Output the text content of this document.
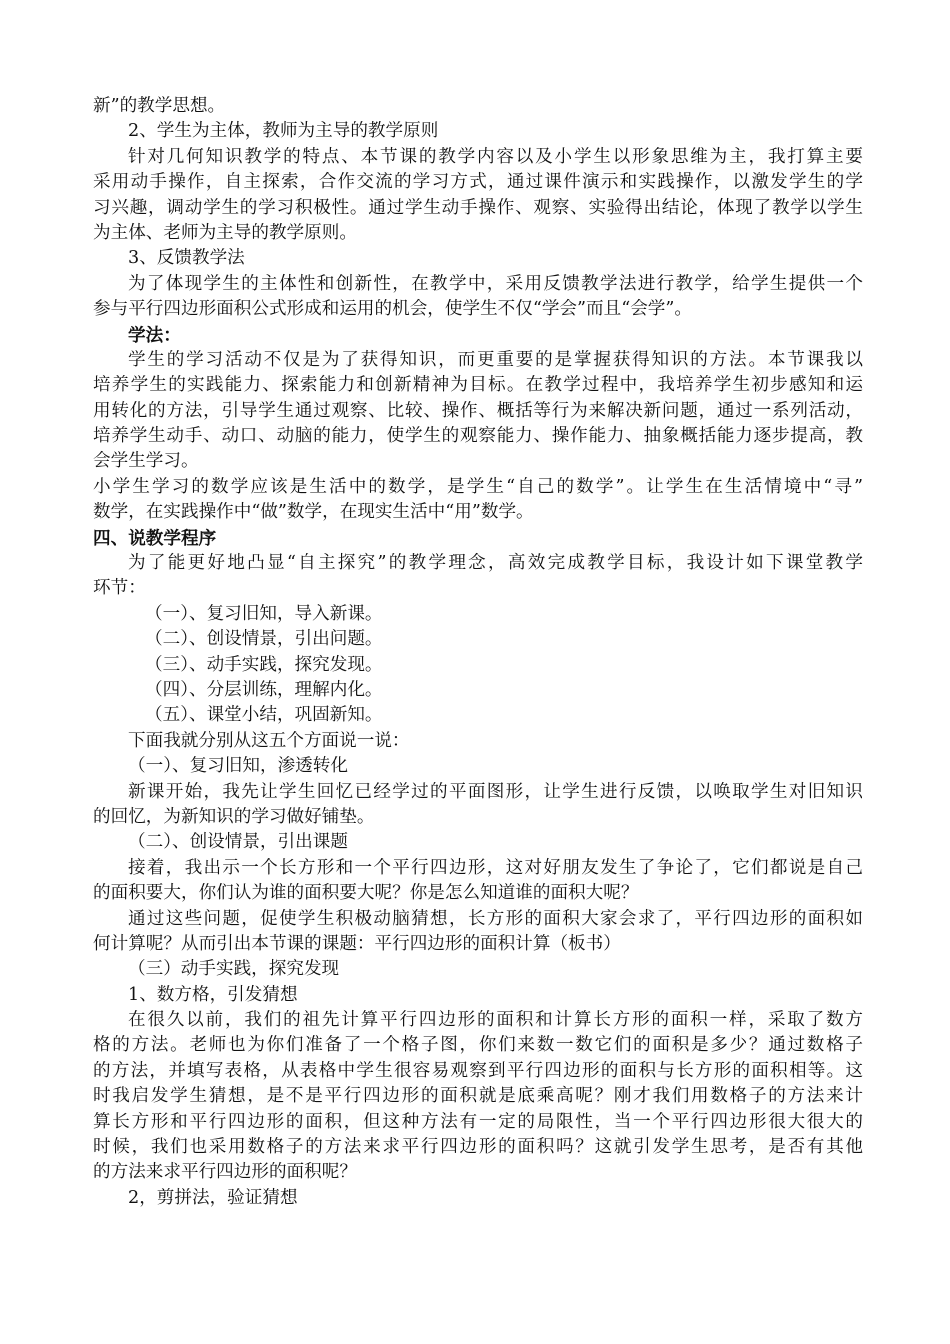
新”的教学思想。
2、学生为主体，教师为主导的教学原则
针对几何知识教学的特点、本节课的教学内容以及小学生以形象思维为主，我打算主要
采用动手操作，自主探索，合作交流的学习方式，通过课件演示和实践操作，以激发学生的学
习兴趣，调动学生的学习积极性。通过学生动手操作、观察、实验得出结论，体现了教学以学生
为主体、老师为主导的教学原则。
3、反馈教学法
为了体现学生的主体性和创新性，在教学中，采用反馈教学法进行教学，给学生提供一个
参与平行四边形面积公式形成和运用的机会，使学生不仅“学会”而且“会学”。
学法：
学生的学习活动不仅是为了获得知识，而更重要的是掌握获得知识的方法。本节课我以
培养学生的实践能力、探索能力和创新精神为目标。在教学过程中，我培养学生初步感知和运
用转化的方法，引导学生通过观察、比较、操作、概括等行为来解决新问题，通过一系列活动，
培养学生动手、动口、动脑的能力，使学生的观察能力、操作能力、抽象概括能力逐步提高，教
会学生学习。
小学生学习的数学应该是生活中的数学，是学生“自己的数学”。让学生在生活情境中“寻”
数学，在实践操作中“做”数学，在现实生活中“用”数学。
四、说教学程序
为了能更好地凸显“自主探究”的教学理念，高效完成教学目标，我设计如下课堂教学
环节：
（一）、复习旧知，导入新课。
（二）、创设情景，引出问题。
（三）、动手实践，探究发现。
（四）、分层训练，理解内化。
（五）、课堂小结，巩固新知。
下面我就分别从这五个方面说一说：
（一）、复习旧知，渗透转化
新课开始，我先让学生回忆已经学过的平面图形，让学生进行反馈，以唤取学生对旧知识
的回忆，为新知识的学习做好铺垫。
（二）、创设情景，引出课题
接着，我出示一个长方形和一个平行四边形，这对好朋友发生了争论了，它们都说是自己
的面积要大，你们认为谁的面积要大呢？你是怎么知道谁的面积大呢？
通过这些问题，促使学生积极动脑猜想，长方形的面积大家会求了，平行四边形的面积如
何计算呢？从而引出本节课的课题：平行四边形的面积计算（板书）
（三）动手实践，探究发现
1、数方格，引发猜想
在很久以前，我们的祖先计算平行四边形的面积和计算长方形的面积一样，采取了数方
格的方法。老师也为你们准备了一个格子图，你们来数一数它们的面积是多少？通过数格子
的方法，并填写表格，从表格中学生很容易观察到平行四边形的面积与长方形的面积相等。这
时我启发学生猜想，是不是平行四边形的面积就是底乘高呢？刚才我们用数格子的方法来计
算长方形和平行四边形的面积，但这种方法有一定的局限性，当一个平行四边形很大很大的
时候，我们也采用数格子的方法来求平行四边形的面积吗？这就引发学生思考，是否有其他
的方法来求平行四边形的面积呢？
2，剪拼法，验证猜想
